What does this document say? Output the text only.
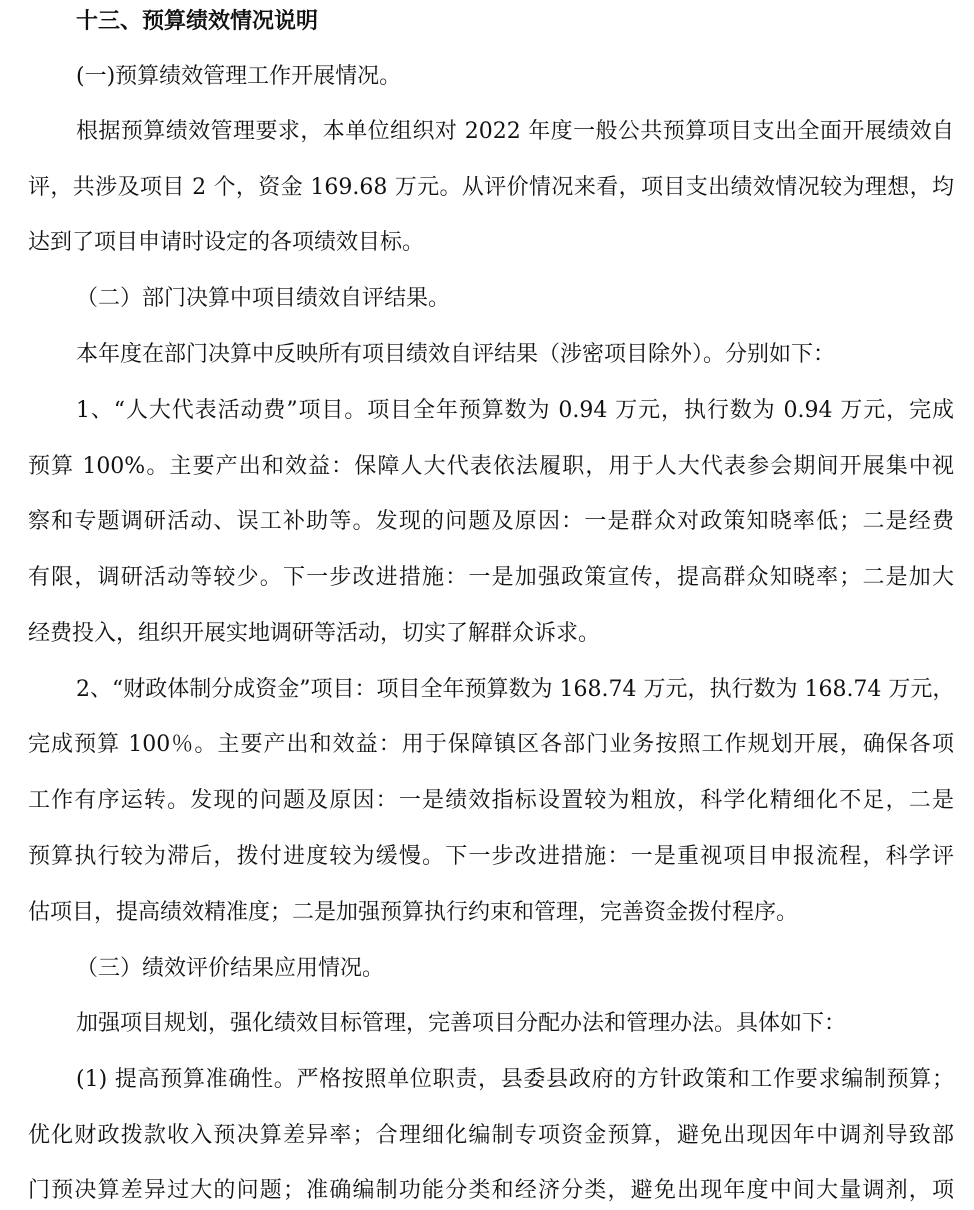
十三、预算绩效情况说明
(一)预算绩效管理工作开展情况。
根据预算绩效管理要求，本单位组织对 2022 年度一般公共预算项目支出全面开展绩效自
评，共涉及项目 2 个，资金 169.68 万元。从评价情况来看，项目支出绩效情况较为理想，均
达到了项目申请时设定的各项绩效目标。
（二）部门决算中项目绩效自评结果。
本年度在部门决算中反映所有项目绩效自评结果（涉密项目除外）。分别如下：
1、“人大代表活动费”项目。项目全年预算数为 0.94 万元，执行数为 0.94 万元，完成
预算 100%。主要产出和效益：保障人大代表依法履职，用于人大代表参会期间开展集中视
察和专题调研活动、误工补助等。发现的问题及原因：一是群众对政策知晓率低；二是经费
有限，调研活动等较少。下一步改进措施：一是加强政策宣传，提高群众知晓率；二是加大
经费投入，组织开展实地调研等活动，切实了解群众诉求。
2、“财政体制分成资金”项目：项目全年预算数为 168.74 万元，执行数为 168.74 万元，
完成预算 100％。主要产出和效益：用于保障镇区各部门业务按照工作规划开展，确保各项
工作有序运转。发现的问题及原因：一是绩效指标设置较为粗放，科学化精细化不足，二是
预算执行较为滞后，拨付进度较为缓慢。下一步改进措施：一是重视项目申报流程，科学评
估项目，提高绩效精准度；二是加强预算执行约束和管理，完善资金拨付程序。
（三）绩效评价结果应用情况。
加强项目规划，强化绩效目标管理，完善项目分配办法和管理办法。具体如下：
(1) 提高预算准确性。严格按照单位职责，县委县政府的方针政策和工作要求编制预算；
优化财政拨款收入预决算差异率；合理细化编制专项资金预算，避免出现因年中调剂导致部
门预决算差异过大的问题；准确编制功能分类和经济分类，避免出现年度中间大量调剂，项
